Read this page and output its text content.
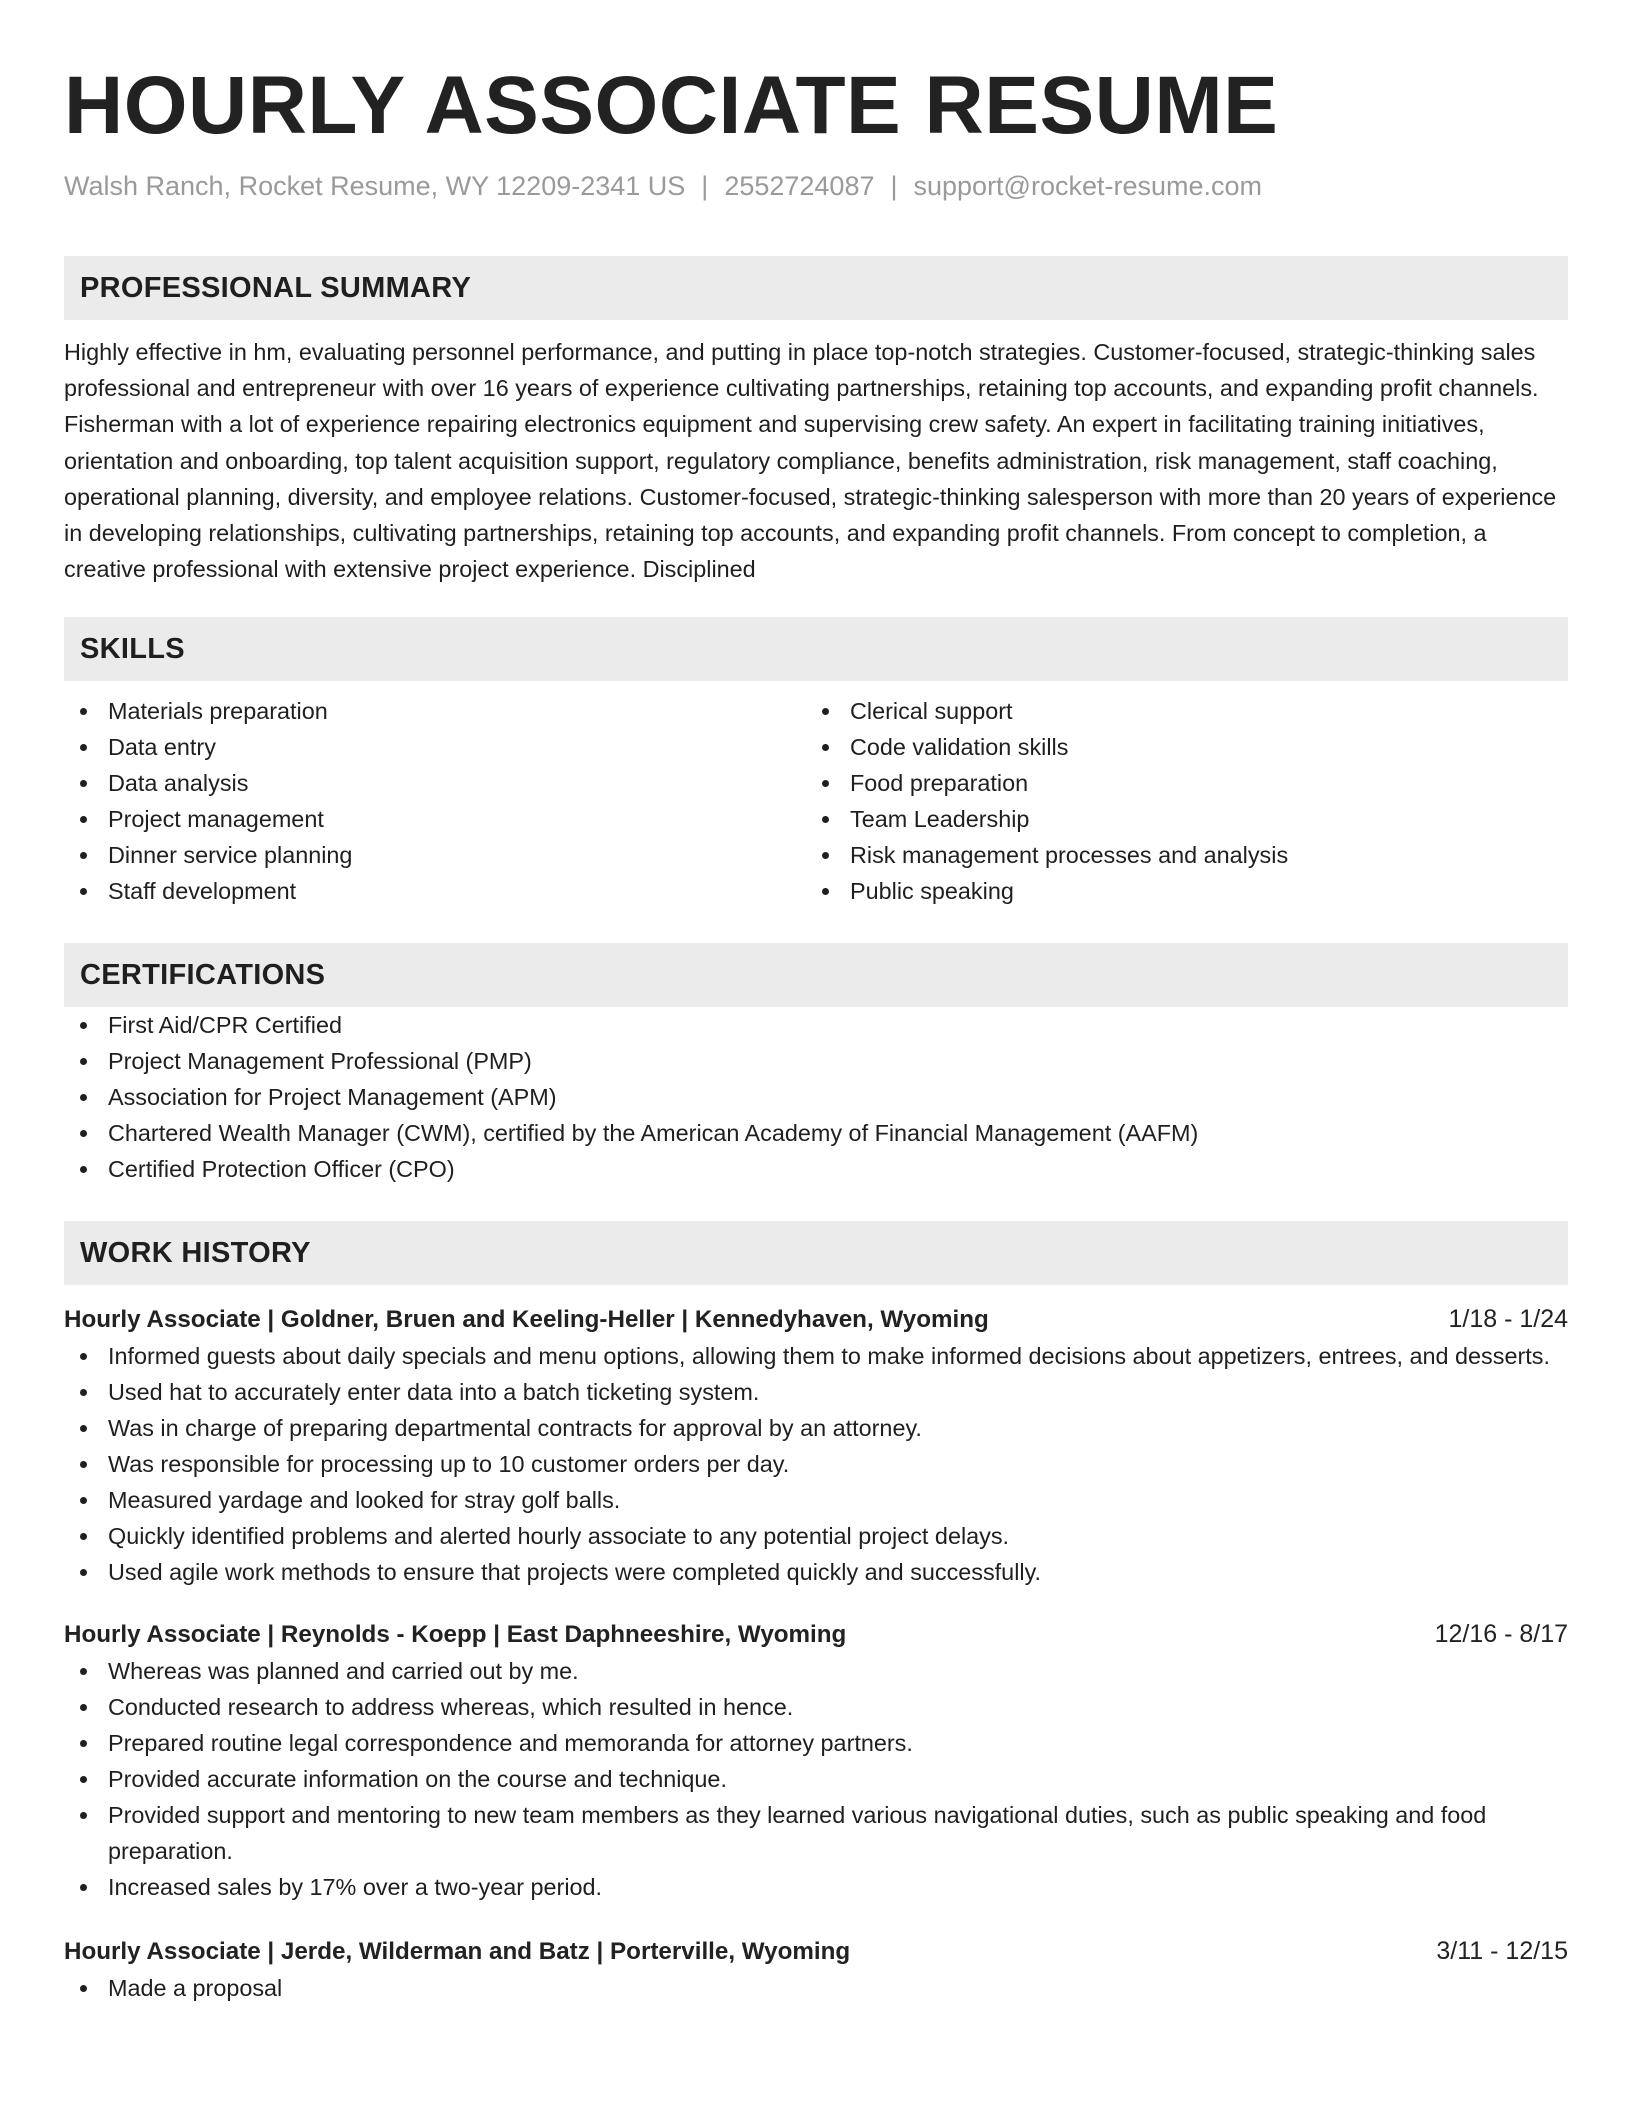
HOURLY ASSOCIATE RESUME
Walsh Ranch, Rocket Resume, WY 12209-2341 US | 2552724087 | support@rocket-resume.com
PROFESSIONAL SUMMARY
Highly effective in hm, evaluating personnel performance, and putting in place top-notch strategies. Customer-focused, strategic-thinking sales professional and entrepreneur with over 16 years of experience cultivating partnerships, retaining top accounts, and expanding profit channels. Fisherman with a lot of experience repairing electronics equipment and supervising crew safety. An expert in facilitating training initiatives, orientation and onboarding, top talent acquisition support, regulatory compliance, benefits administration, risk management, staff coaching, operational planning, diversity, and employee relations. Customer-focused, strategic-thinking salesperson with more than 20 years of experience in developing relationships, cultivating partnerships, retaining top accounts, and expanding profit channels. From concept to completion, a creative professional with extensive project experience. Disciplined
SKILLS
Materials preparation
Data entry
Data analysis
Project management
Dinner service planning
Staff development
Clerical support
Code validation skills
Food preparation
Team Leadership
Risk management processes and analysis
Public speaking
CERTIFICATIONS
First Aid/CPR Certified
Project Management Professional (PMP)
Association for Project Management (APM)
Chartered Wealth Manager (CWM), certified by the American Academy of Financial Management (AAFM)
Certified Protection Officer (CPO)
WORK HISTORY
Hourly Associate | Goldner, Bruen and Keeling-Heller | Kennedyhaven, Wyoming	1/18 - 1/24
Informed guests about daily specials and menu options, allowing them to make informed decisions about appetizers, entrees, and desserts.
Used hat to accurately enter data into a batch ticketing system.
Was in charge of preparing departmental contracts for approval by an attorney.
Was responsible for processing up to 10 customer orders per day.
Measured yardage and looked for stray golf balls.
Quickly identified problems and alerted hourly associate to any potential project delays.
Used agile work methods to ensure that projects were completed quickly and successfully.
Hourly Associate | Reynolds - Koepp | East Daphneeshire, Wyoming	12/16 - 8/17
Whereas was planned and carried out by me.
Conducted research to address whereas, which resulted in hence.
Prepared routine legal correspondence and memoranda for attorney partners.
Provided accurate information on the course and technique.
Provided support and mentoring to new team members as they learned various navigational duties, such as public speaking and food preparation.
Increased sales by 17% over a two-year period.
Hourly Associate | Jerde, Wilderman and Batz | Porterville, Wyoming	3/11 - 12/15
Made a proposal
